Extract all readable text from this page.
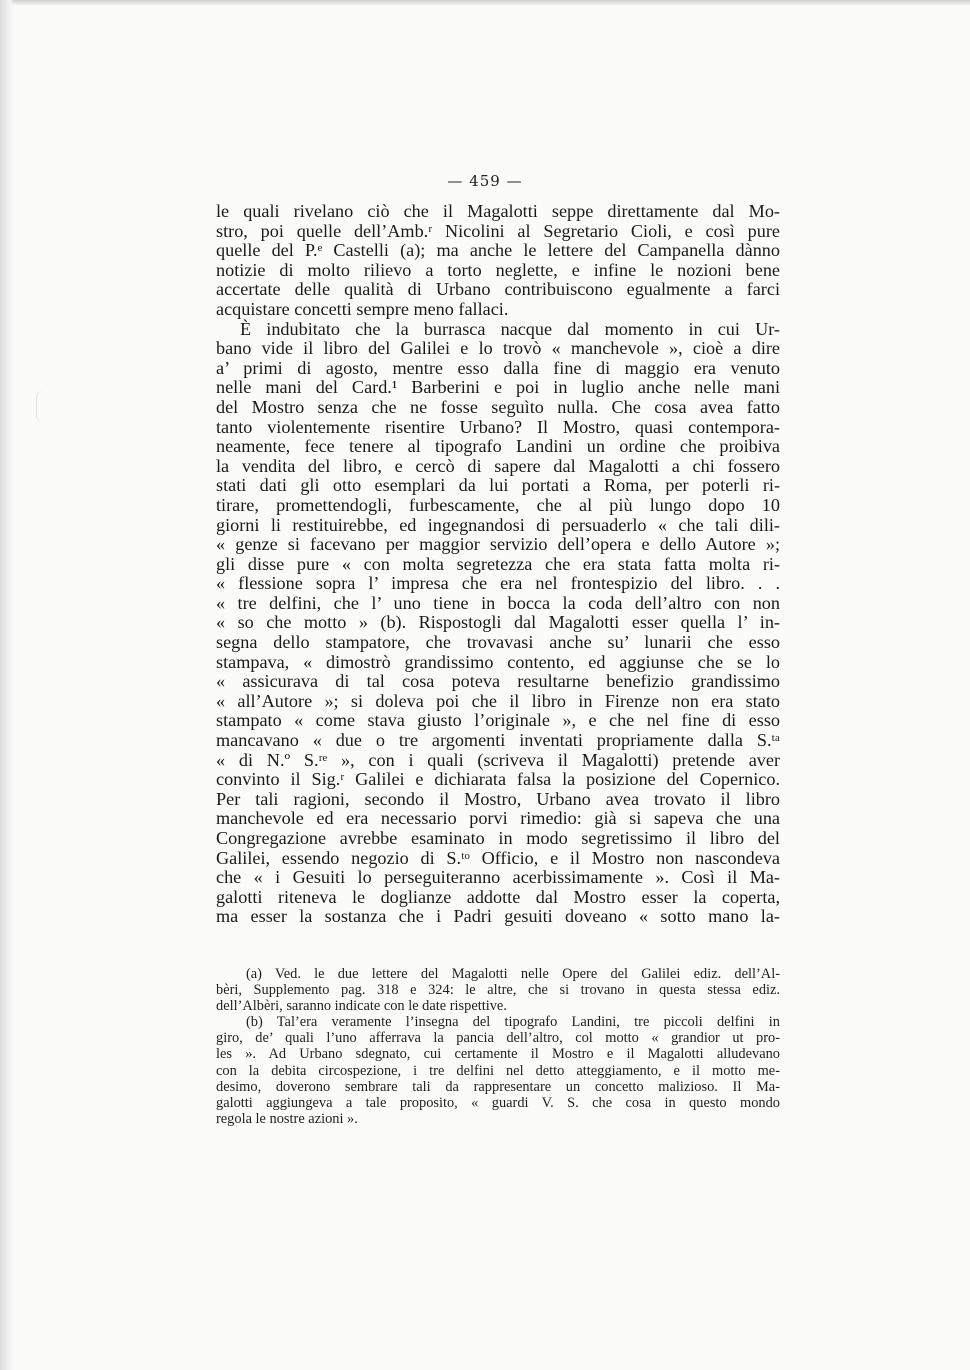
— 459 —
le quali rivelano ciò che il Magalotti seppe direttamente dal Mo-
stro, poi quelle dell’Amb.ʳ Nicolini al Segretario Cioli, e così pure
quelle del P.ᵉ Castelli (a); ma anche le lettere del Campanella dànno
notizie di molto rilievo a torto neglette, e infine le nozioni bene
accertate delle qualità di Urbano contribuiscono egualmente a farci
acquistare concetti sempre meno fallaci.
È indubitato che la burrasca nacque dal momento in cui Ur-
bano vide il libro del Galilei e lo trovò « manchevole », cioè a dire
a’ primi di agosto, mentre esso dalla fine di maggio era venuto
nelle mani del Card.¹ Barberini e poi in luglio anche nelle mani
del Mostro senza che ne fosse seguìto nulla. Che cosa avea fatto
tanto violentemente risentire Urbano? Il Mostro, quasi contempora-
neamente, fece tenere al tipografo Landini un ordine che proibiva
la vendita del libro, e cercò di sapere dal Magalotti a chi fossero
stati dati gli otto esemplari da lui portati a Roma, per poterli ri-
tirare, promettendogli, furbescamente, che al più lungo dopo 10
giorni li restituirebbe, ed ingegnandosi di persuaderlo « che tali dili-
« genze si facevano per maggior servizio dell’opera e dello Autore »;
gli disse pure « con molta segretezza che era stata fatta molta ri-
« flessione sopra l’ impresa che era nel frontespizio del libro. . .
« tre delfini, che l’ uno tiene in bocca la coda dell’altro con non
« so che motto » (b). Rispostogli dal Magalotti esser quella l’ in-
segna dello stampatore, che trovavasi anche su’ lunarii che esso
stampava, « dimostrò grandissimo contento, ed aggiunse che se lo
« assicurava di tal cosa poteva resultarne benefizio grandissimo
« all’Autore »; si doleva poi che il libro in Firenze non era stato
stampato « come stava giusto l’originale », e che nel fine di esso
mancavano « due o tre argomenti inventati propriamente dalla S.ᵗᵃ
« di N.º S.ʳᵉ », con i quali (scriveva il Magalotti) pretende aver
convinto il Sig.ʳ Galilei e dichiarata falsa la posizione del Copernico.
Per tali ragioni, secondo il Mostro, Urbano avea trovato il libro
manchevole ed era necessario porvi rimedio: già si sapeva che una
Congregazione avrebbe esaminato in modo segretissimo il libro del
Galilei, essendo negozio di S.ᵗᵒ Officio, e il Mostro non nascondeva
che « i Gesuiti lo perseguiteranno acerbissimamente ». Così il Ma-
galotti riteneva le doglianze addotte dal Mostro esser la coperta,
ma esser la sostanza che i Padri gesuiti doveano « sotto mano la-
(a) Ved. le due lettere del Magalotti nelle Opere del Galilei ediz. dell’Al-
bèri, Supplemento pag. 318 e 324: le altre, che si trovano in questa stessa ediz.
dell’Albèri, saranno indicate con le date rispettive.
(b) Tal’era veramente l’insegna del tipografo Landini, tre piccoli delfini in
giro, de’ quali l’uno afferrava la pancia dell’altro, col motto « grandior ut pro-
les ». Ad Urbano sdegnato, cui certamente il Mostro e il Magalotti alludevano
con la debita circospezione, i tre delfini nel detto atteggiamento, e il motto me-
desimo, doverono sembrare tali da rappresentare un concetto malizioso. Il Ma-
galotti aggiungeva a tale proposito, « guardi V. S. che cosa in questo mondo
regola le nostre azioni ».
